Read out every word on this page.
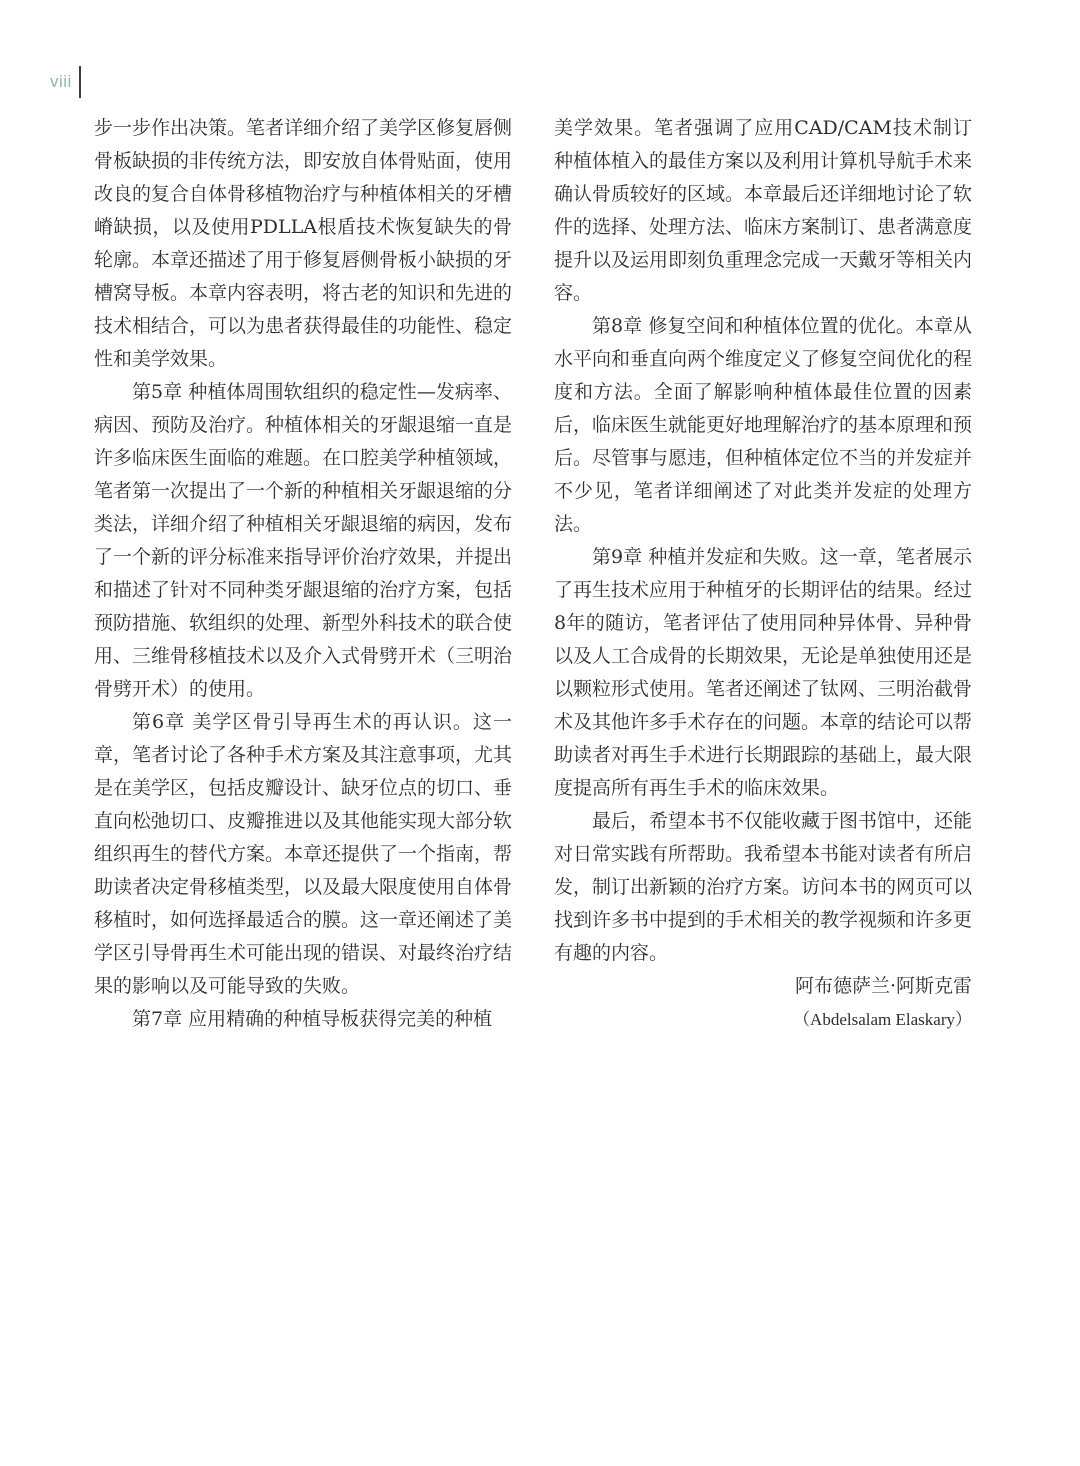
viii

步一步作出决策。笔者详细介绍了美学区修复唇侧骨板缺损的非传统方法，即安放自体骨贴面，使用改良的复合自体骨移植物治疗与种植体相关的牙槽嵴缺损，以及使用PDLLA根盾技术恢复缺失的骨轮廓。本章还描述了用于修复唇侧骨板小缺损的牙槽窝导板。本章内容表明，将古老的知识和先进的技术相结合，可以为患者获得最佳的功能性、稳定性和美学效果。

第5章 种植体周围软组织的稳定性—发病率、病因、预防及治疗。种植体相关的牙龈退缩一直是许多临床医生面临的难题。在口腔美学种植领域，笔者第一次提出了一个新的种植相关牙龈退缩的分类法，详细介绍了种植相关牙龈退缩的病因，发布了一个新的评分标准来指导评价治疗效果，并提出和描述了针对不同种类牙龈退缩的治疗方案，包括预防措施、软组织的处理、新型外科技术的联合使用、三维骨移植技术以及介入式骨劈开术（三明治骨劈开术）的使用。

第6章 美学区骨引导再生术的再认识。这一章，笔者讨论了各种手术方案及其注意事项，尤其是在美学区，包括皮瓣设计、缺牙位点的切口、垂直向松弛切口、皮瓣推进以及其他能实现大部分软组织再生的替代方案。本章还提供了一个指南，帮助读者决定骨移植类型，以及最大限度使用自体骨移植时，如何选择最适合的膜。这一章还阐述了美学区引导骨再生术可能出现的错误、对最终治疗结果的影响以及可能导致的失败。

第7章 应用精确的种植导板获得完美的种植

美学效果。笔者强调了应用CAD/CAM技术制订种植体植入的最佳方案以及利用计算机导航手术来确认骨质较好的区域。本章最后还详细地讨论了软件的选择、处理方法、临床方案制订、患者满意度提升以及运用即刻负重理念完成一天戴牙等相关内容。

第8章 修复空间和种植体位置的优化。本章从水平向和垂直向两个维度定义了修复空间优化的程度和方法。全面了解影响种植体最佳位置的因素后，临床医生就能更好地理解治疗的基本原理和预后。尽管事与愿违，但种植体定位不当的并发症并不少见，笔者详细阐述了对此类并发症的处理方法。

第9章 种植并发症和失败。这一章，笔者展示了再生技术应用于种植牙的长期评估的结果。经过8年的随访，笔者评估了使用同种异体骨、异种骨以及人工合成骨的长期效果，无论是单独使用还是以颗粒形式使用。笔者还阐述了钛网、三明治截骨术及其他许多手术存在的问题。本章的结论可以帮助读者对再生手术进行长期跟踪的基础上，最大限度提高所有再生手术的临床效果。

最后，希望本书不仅能收藏于图书馆中，还能对日常实践有所帮助。我希望本书能对读者有所启发，制订出新颖的治疗方案。访问本书的网页可以找到许多书中提到的手术相关的教学视频和许多更有趣的内容。

阿布德萨兰·阿斯克雷

（Abdelsalam Elaskary）
